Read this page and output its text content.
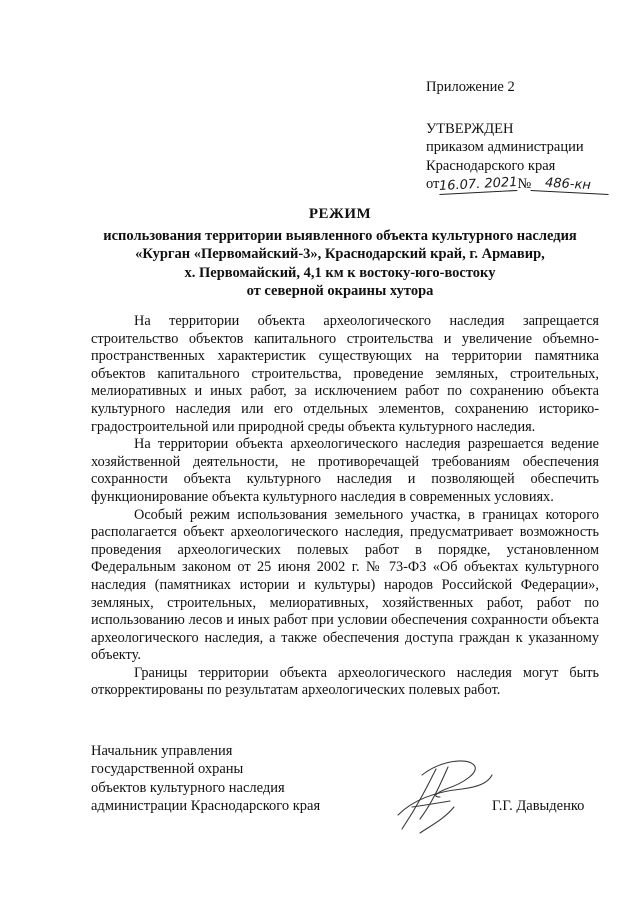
Приложение 2
УТВЕРЖДЕН
приказом администрации
Краснодарского края
от16.07. 2021№ 486-кн
РЕЖИМ
использования территории выявленного объекта культурного наследия
«Курган «Первомайский-3», Краснодарский край, г. Армавир,
х. Первомайский, 4,1 км к востоку-юго-востоку
от северной окраины хутора

На территории объекта археологического наследия запрещается строительство объектов капитального строительства и увеличение объемно-пространственных характеристик существующих на территории памятника объектов капитального строительства, проведение земляных, строительных, мелиоративных и иных работ, за исключением работ по сохранению объекта культурного наследия или его отдельных элементов, сохранению историко-градостроительной или природной среды объекта культурного наследия.

На территории объекта археологического наследия разрешается ведение хозяйственной деятельности, не противоречащей требованиям обеспечения сохранности объекта культурного наследия и позволяющей обеспечить функционирование объекта культурного наследия в современных условиях.

Особый режим использования земельного участка, в границах которого располагается объект археологического наследия, предусматривает возможность проведения археологических полевых работ в порядке, установленном Федеральным законом от 25 июня 2002 г. № 73-ФЗ «Об объектах культурного наследия (памятниках истории и культуры) народов Российской Федерации», земляных, строительных, мелиоративных, хозяйственных работ, работ по использованию лесов и иных работ при условии обеспечения сохранности объекта археологического наследия, а также обеспечения доступа граждан к указанному объекту.

Границы территории объекта археологического наследия могут быть откорректированы по результатам археологических полевых работ.

Начальник управления
государственной охраны
объектов культурного наследия
администрации Краснодарского края	Г.Г. Давыденко
